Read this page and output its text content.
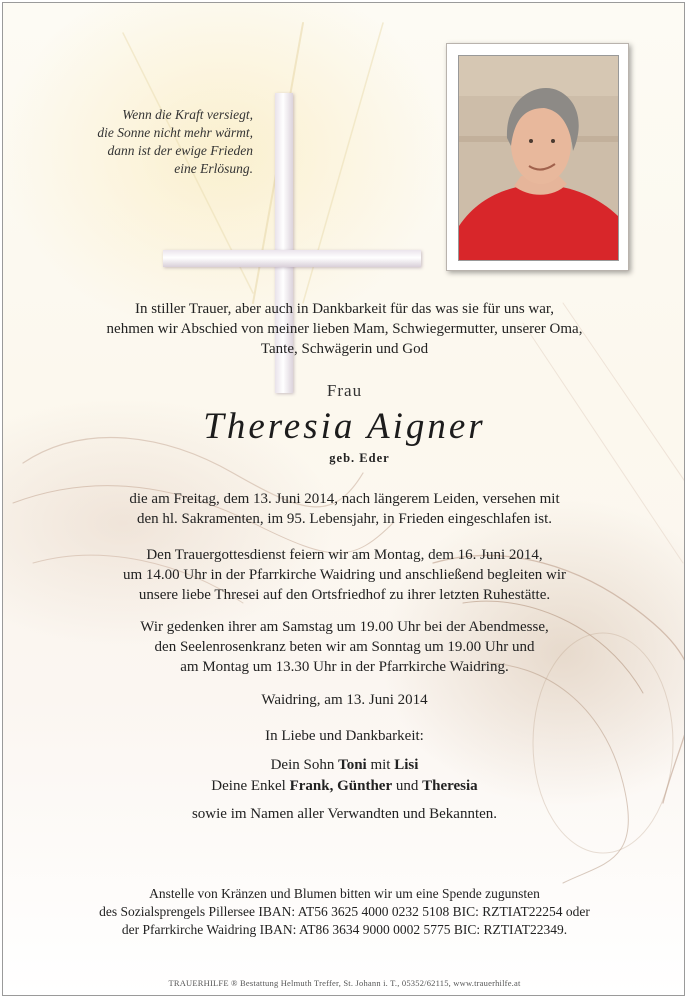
Wenn die Kraft versiegt,
die Sonne nicht mehr wärmt,
dann ist der ewige Frieden
eine Erlösung.
In stiller Trauer, aber auch in Dankbarkeit für das was sie für uns war,
nehmen wir Abschied von meiner lieben Mam, Schwiegermutter, unserer Oma,
Tante, Schwägerin und God
Frau
Theresia Aigner
geb. Eder
die am Freitag, dem 13. Juni 2014, nach längerem Leiden, versehen mit
den hl. Sakramenten, im 95. Lebensjahr, in Frieden eingeschlafen ist.
Den Trauergottesdienst feiern wir am Montag, dem 16. Juni 2014,
um 14.00 Uhr in der Pfarrkirche Waidring und anschließend begleiten wir
unsere liebe Thresei auf den Ortsfriedhof zu ihrer letzten Ruhestätte.
Wir gedenken ihrer am Samstag um 19.00 Uhr bei der Abendmesse,
den Seelenrosenkranz beten wir am Sonntag um 19.00 Uhr und
am Montag um 13.30 Uhr in der Pfarrkirche Waidring.
Waidring, am 13. Juni 2014
In Liebe und Dankbarkeit:
Dein Sohn Toni mit Lisi
Deine Enkel Frank, Günther und Theresia
sowie im Namen aller Verwandten und Bekannten.
Anstelle von Kränzen und Blumen bitten wir um eine Spende zugunsten
des Sozialsprengels Pillersee IBAN: AT56 3625 4000 0232 5108 BIC: RZTIAT22254 oder
der Pfarrkirche Waidring IBAN: AT86 3634 9000 0002 5775 BIC: RZTIAT22349.
TRAUERHILFE ® Bestattung Helmuth Treffer, St. Johann i. T., 05352/62115, www.trauerhilfe.at
